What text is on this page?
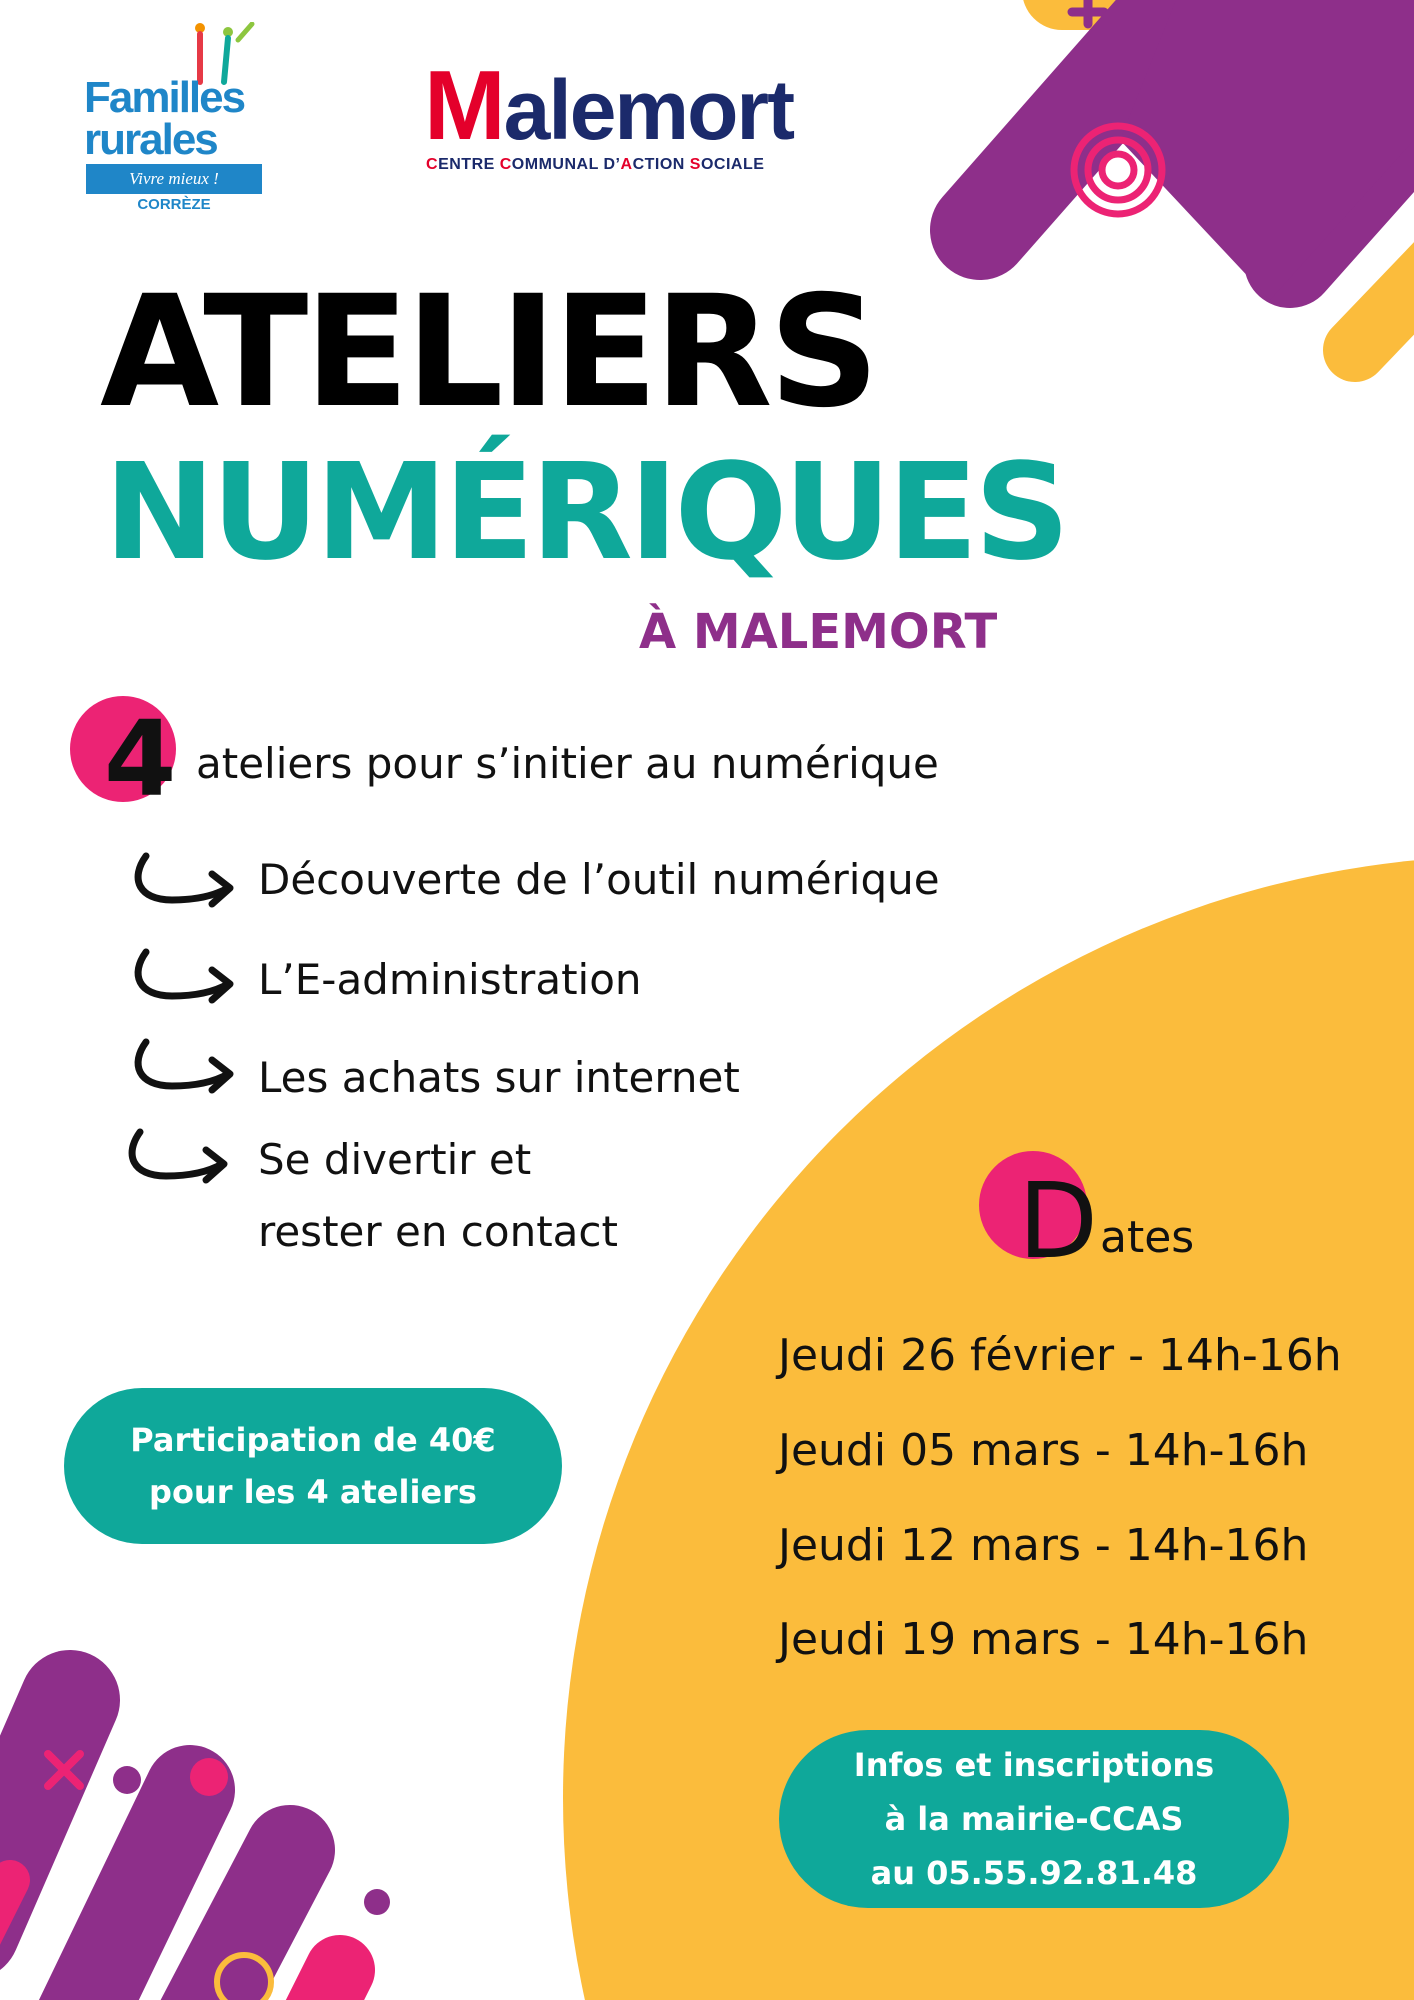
Familles
rurales
Vivre mieux !
CORRÈZE
Malemort
CENTRE COMMUNAL D’ACTION SOCIALE
ATELIERS
NUMÉRIQUES
À MALEMORT
4 ateliers pour s’initier au numérique
Découverte de l’outil numérique
L’E-administration
Les achats sur internet
Se divertir et
rester en contact
Participation de 40€
pour les 4 ateliers
D ates
Jeudi 26 février - 14h-16h
Jeudi 05 mars - 14h-16h
Jeudi 12 mars - 14h-16h
Jeudi 19 mars - 14h-16h
Infos et inscriptions
à la mairie-CCAS
au 05.55.92.81.48
